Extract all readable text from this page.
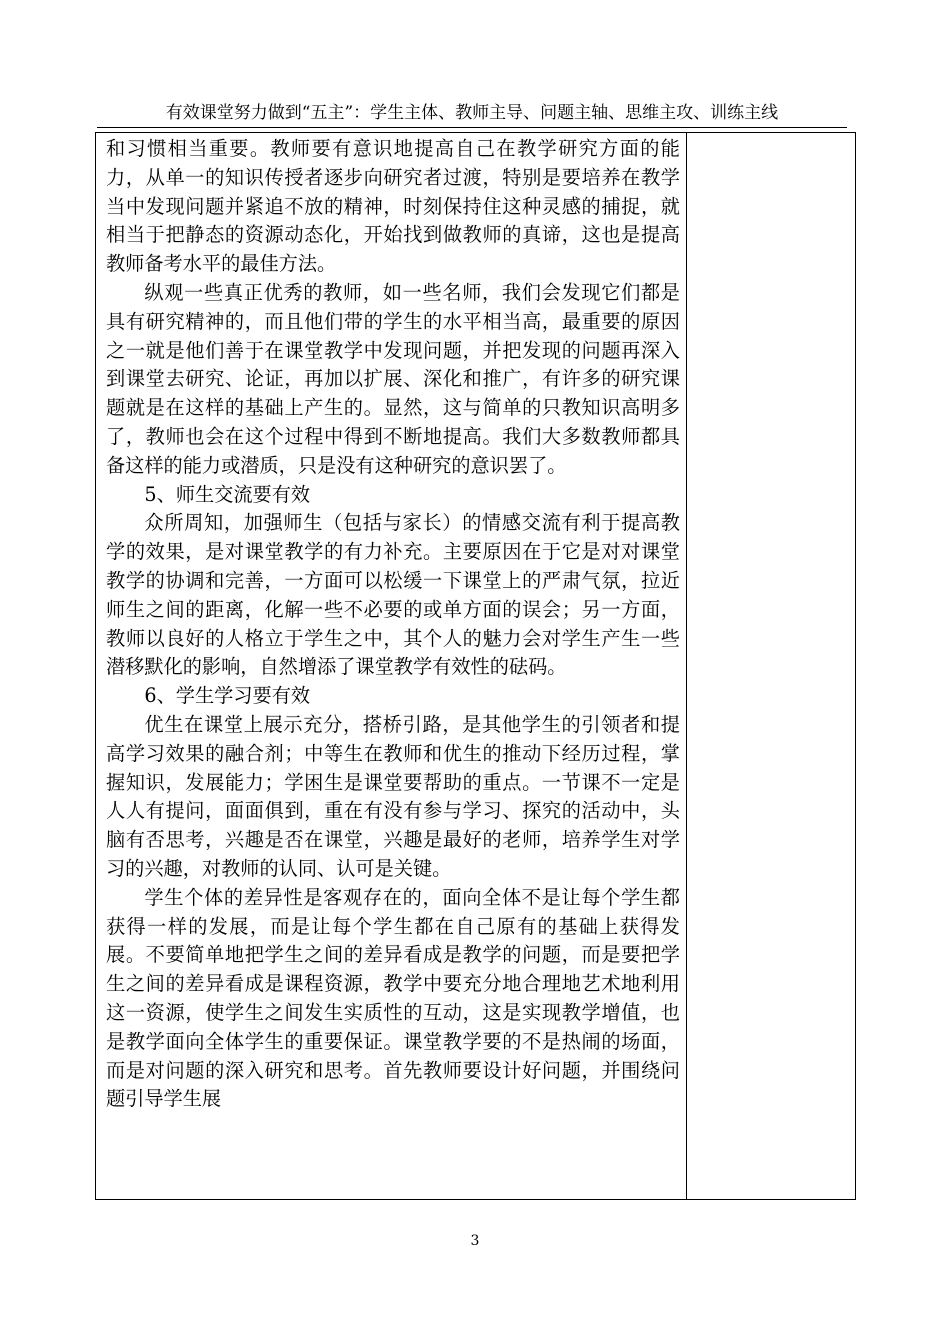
有效课堂努力做到“五主”：学生主体、教师主导、问题主轴、思维主攻、训练主线

和习惯相当重要。教师要有意识地提高自己在教学研究方面的能力，从单一的知识传授者逐步向研究者过渡，特别是要培养在教学当中发现问题并紧追不放的精神，时刻保持住这种灵感的捕捉，就相当于把静态的资源动态化，开始找到做教师的真谛，这也是提高教师备考水平的最佳方法。

纵观一些真正优秀的教师，如一些名师，我们会发现它们都是具有研究精神的，而且他们带的学生的水平相当高，最重要的原因之一就是他们善于在课堂教学中发现问题，并把发现的问题再深入到课堂去研究、论证，再加以扩展、深化和推广，有许多的研究课题就是在这样的基础上产生的。显然，这与简单的只教知识高明多了，教师也会在这个过程中得到不断地提高。我们大多数教师都具备这样的能力或潜质，只是没有这种研究的意识罢了。

5、师生交流要有效

众所周知，加强师生（包括与家长）的情感交流有利于提高教学的效果，是对课堂教学的有力补充。主要原因在于它是对对课堂教学的协调和完善，一方面可以松缓一下课堂上的严肃气氛，拉近师生之间的距离，化解一些不必要的或单方面的误会；另一方面，教师以良好的人格立于学生之中，其个人的魅力会对学生产生一些潜移默化的影响，自然增添了课堂教学有效性的砝码。

6、学生学习要有效

优生在课堂上展示充分，搭桥引路，是其他学生的引领者和提高学习效果的融合剂；中等生在教师和优生的推动下经历过程，掌握知识，发展能力；学困生是课堂要帮助的重点。一节课不一定是人人有提问，面面俱到，重在有没有参与学习、探究的活动中，头脑有否思考，兴趣是否在课堂，兴趣是最好的老师，培养学生对学习的兴趣，对教师的认同、认可是关键。

学生个体的差异性是客观存在的，面向全体不是让每个学生都获得一样的发展，而是让每个学生都在自己原有的基础上获得发展。不要简单地把学生之间的差异看成是教学的问题，而是要把学生之间的差异看成是课程资源，教学中要充分地合理地艺术地利用这一资源，使学生之间发生实质性的互动，这是实现教学增值，也是教学面向全体学生的重要保证。课堂教学要的不是热闹的场面，而是对问题的深入研究和思考。首先教师要设计好问题，并围绕问题引导学生展

3
